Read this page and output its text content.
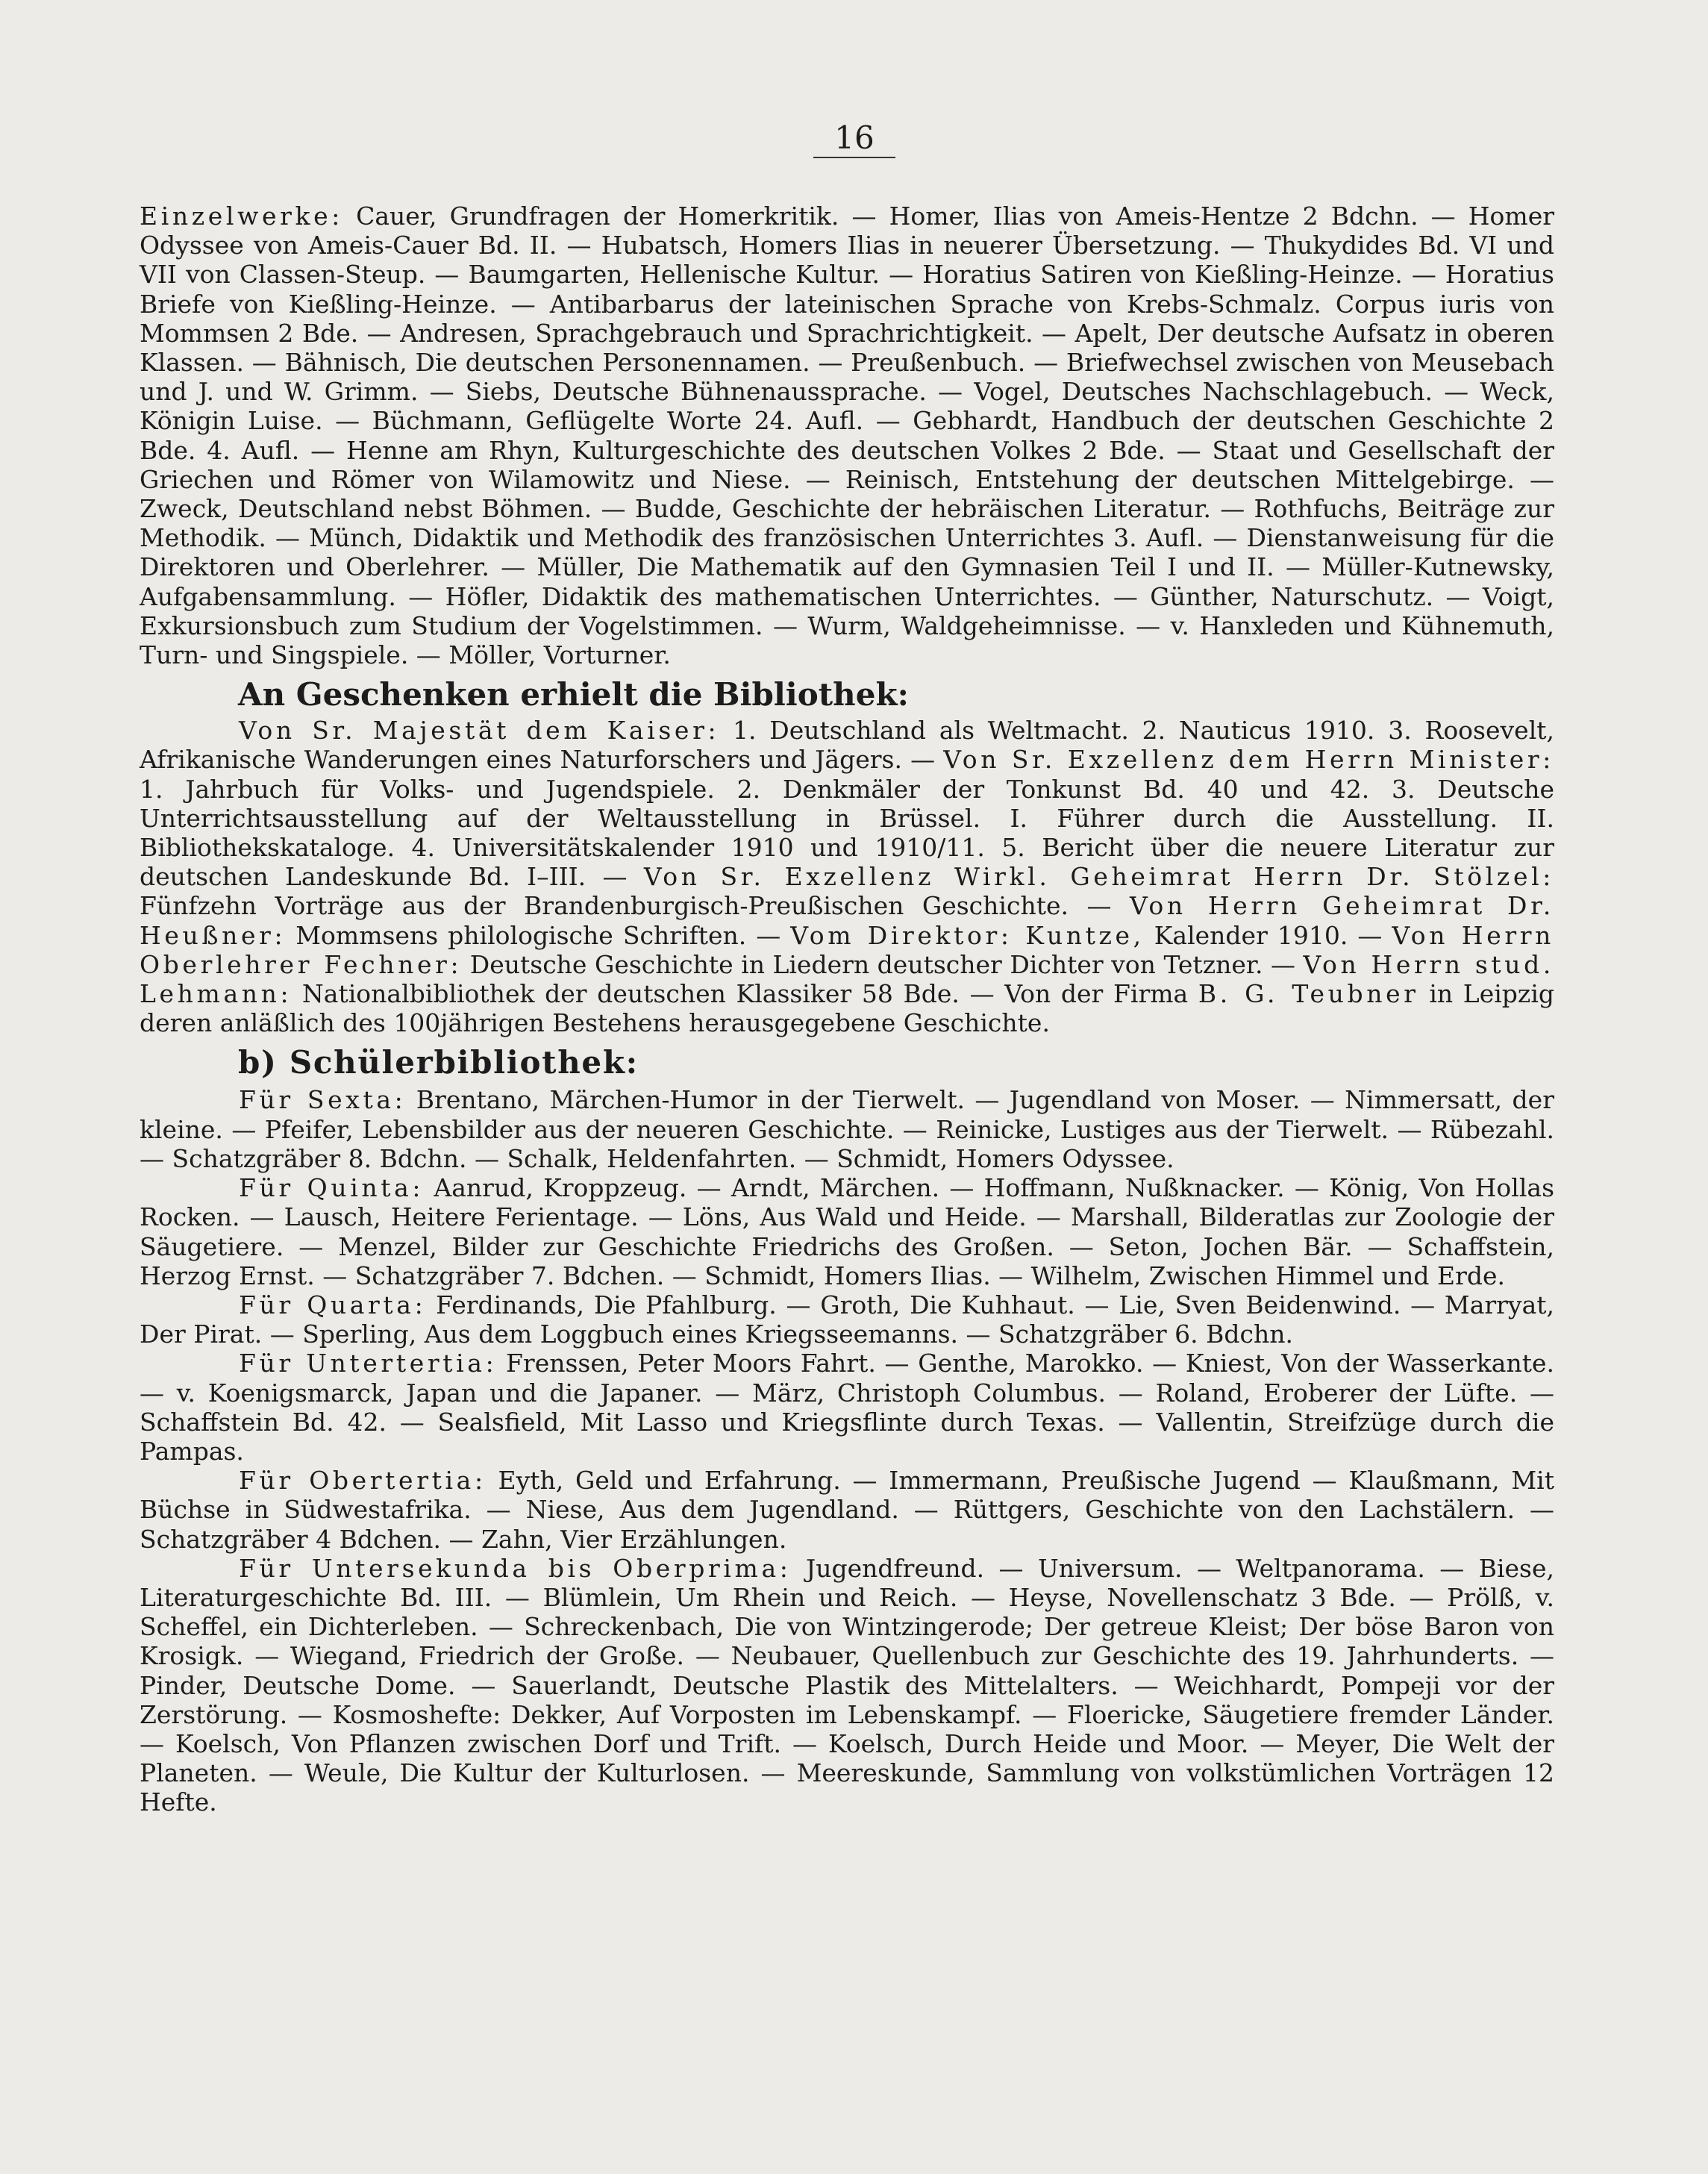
16

Einzelwerke: Cauer, Grundfragen der Homerkritik. — Homer, Ilias von Ameis-Hentze 2 Bdchn. — Homer Odyssee von Ameis-Cauer Bd. II. — Hubatsch, Homers Ilias in neuerer Übersetzung. — Thukydides Bd. VI und VII von Classen-Steup. — Baumgarten, Hellenische Kultur. — Horatius Satiren von Kießling-Heinze. — Horatius Briefe von Kießling-Heinze. — Antibarbarus der lateinischen Sprache von Krebs-Schmalz. Corpus iuris von Mommsen 2 Bde. — Andresen, Sprachgebrauch und Sprachrichtigkeit. — Apelt, Der deutsche Aufsatz in oberen Klassen. — Bähnisch, Die deutschen Personennamen. — Preußenbuch. — Briefwechsel zwischen von Meusebach und J. und W. Grimm. — Siebs, Deutsche Bühnenaussprache. — Vogel, Deutsches Nachschlagebuch. — Weck, Königin Luise. — Büchmann, Geflügelte Worte 24. Aufl. — Gebhardt, Handbuch der deutschen Geschichte 2 Bde. 4. Aufl. — Henne am Rhyn, Kulturgeschichte des deutschen Volkes 2 Bde. — Staat und Gesellschaft der Griechen und Römer von Wilamowitz und Niese. — Reinisch, Entstehung der deutschen Mittelgebirge. — Zweck, Deutschland nebst Böhmen. — Budde, Geschichte der hebräischen Literatur. — Rothfuchs, Beiträge zur Methodik. — Münch, Didaktik und Methodik des französischen Unterrichtes 3. Aufl. — Dienstanweisung für die Direktoren und Oberlehrer. — Müller, Die Mathematik auf den Gymnasien Teil I und II. — Müller-Kutnewsky, Aufgabensammlung. — Höfler, Didaktik des mathematischen Unterrichtes. — Günther, Naturschutz. — Voigt, Exkursionsbuch zum Studium der Vogelstimmen. — Wurm, Waldgeheimnisse. — v. Hanxleden und Kühnemuth, Turn- und Singspiele. — Möller, Vorturner.

An Geschenken erhielt die Bibliothek:

Von Sr. Majestät dem Kaiser: 1. Deutschland als Weltmacht. 2. Nauticus 1910. 3. Roosevelt, Afrikanische Wanderungen eines Naturforschers und Jägers. — Von Sr. Exzellenz dem Herrn Minister: 1. Jahrbuch für Volks- und Jugendspiele. 2. Denkmäler der Tonkunst Bd. 40 und 42. 3. Deutsche Unterrichtsausstellung auf der Weltausstellung in Brüssel. I. Führer durch die Ausstellung. II. Bibliothekskataloge. 4. Universitätskalender 1910 und 1910/11. 5. Bericht über die neuere Literatur zur deutschen Landeskunde Bd. I–III. — Von Sr. Exzellenz Wirkl. Geheimrat Herrn Dr. Stölzel: Fünfzehn Vorträge aus der Brandenburgisch-Preußischen Geschichte. — Von Herrn Geheimrat Dr. Heußner: Mommsens philologische Schriften. — Vom Direktor: Kuntze, Kalender 1910. — Von Herrn Oberlehrer Fechner: Deutsche Geschichte in Liedern deutscher Dichter von Tetzner. — Von Herrn stud. Lehmann: Nationalbibliothek der deutschen Klassiker 58 Bde. — Von der Firma B. G. Teubner in Leipzig deren anläßlich des 100jährigen Bestehens herausgegebene Geschichte.

b) Schülerbibliothek:

Für Sexta: Brentano, Märchen-Humor in der Tierwelt. — Jugendland von Moser. — Nimmersatt, der kleine. — Pfeifer, Lebensbilder aus der neueren Geschichte. — Reinicke, Lustiges aus der Tierwelt. — Rübezahl. — Schatzgräber 8. Bdchn. — Schalk, Heldenfahrten. — Schmidt, Homers Odyssee.

Für Quinta: Aanrud, Kroppzeug. — Arndt, Märchen. — Hoffmann, Nußknacker. — König, Von Hollas Rocken. — Lausch, Heitere Ferientage. — Löns, Aus Wald und Heide. — Marshall, Bilderatlas zur Zoologie der Säugetiere. — Menzel, Bilder zur Geschichte Friedrichs des Großen. — Seton, Jochen Bär. — Schaffstein, Herzog Ernst. — Schatzgräber 7. Bdchen. — Schmidt, Homers Ilias. — Wilhelm, Zwischen Himmel und Erde.

Für Quarta: Ferdinands, Die Pfahlburg. — Groth, Die Kuhhaut. — Lie, Sven Beidenwind. — Marryat, Der Pirat. — Sperling, Aus dem Loggbuch eines Kriegsseemanns. — Schatzgräber 6. Bdchn.

Für Untertertia: Frenssen, Peter Moors Fahrt. — Genthe, Marokko. — Kniest, Von der Wasserkante. — v. Koenigsmarck, Japan und die Japaner. — März, Christoph Columbus. — Roland, Eroberer der Lüfte. — Schaffstein Bd. 42. — Sealsfield, Mit Lasso und Kriegsflinte durch Texas. — Vallentin, Streifzüge durch die Pampas.

Für Obertertia: Eyth, Geld und Erfahrung. — Immermann, Preußische Jugend — Klaußmann, Mit Büchse in Südwestafrika. — Niese, Aus dem Jugendland. — Rüttgers, Geschichte von den Lachstälern. — Schatzgräber 4 Bdchen. — Zahn, Vier Erzählungen.

Für Untersekunda bis Oberprima: Jugendfreund. — Universum. — Weltpanorama. — Biese, Literaturgeschichte Bd. III. — Blümlein, Um Rhein und Reich. — Heyse, Novellenschatz 3 Bde. — Prölß, v. Scheffel, ein Dichterleben. — Schreckenbach, Die von Wintzingerode; Der getreue Kleist; Der böse Baron von Krosigk. — Wiegand, Friedrich der Große. — Neubauer, Quellenbuch zur Geschichte des 19. Jahrhunderts. — Pinder, Deutsche Dome. — Sauerlandt, Deutsche Plastik des Mittelalters. — Weichhardt, Pompeji vor der Zerstörung. — Kosmoshefte: Dekker, Auf Vorposten im Lebenskampf. — Floericke, Säugetiere fremder Länder. — Koelsch, Von Pflanzen zwischen Dorf und Trift. — Koelsch, Durch Heide und Moor. — Meyer, Die Welt der Planeten. — Weule, Die Kultur der Kulturlosen. — Meereskunde, Sammlung von volkstümlichen Vorträgen 12 Hefte.
